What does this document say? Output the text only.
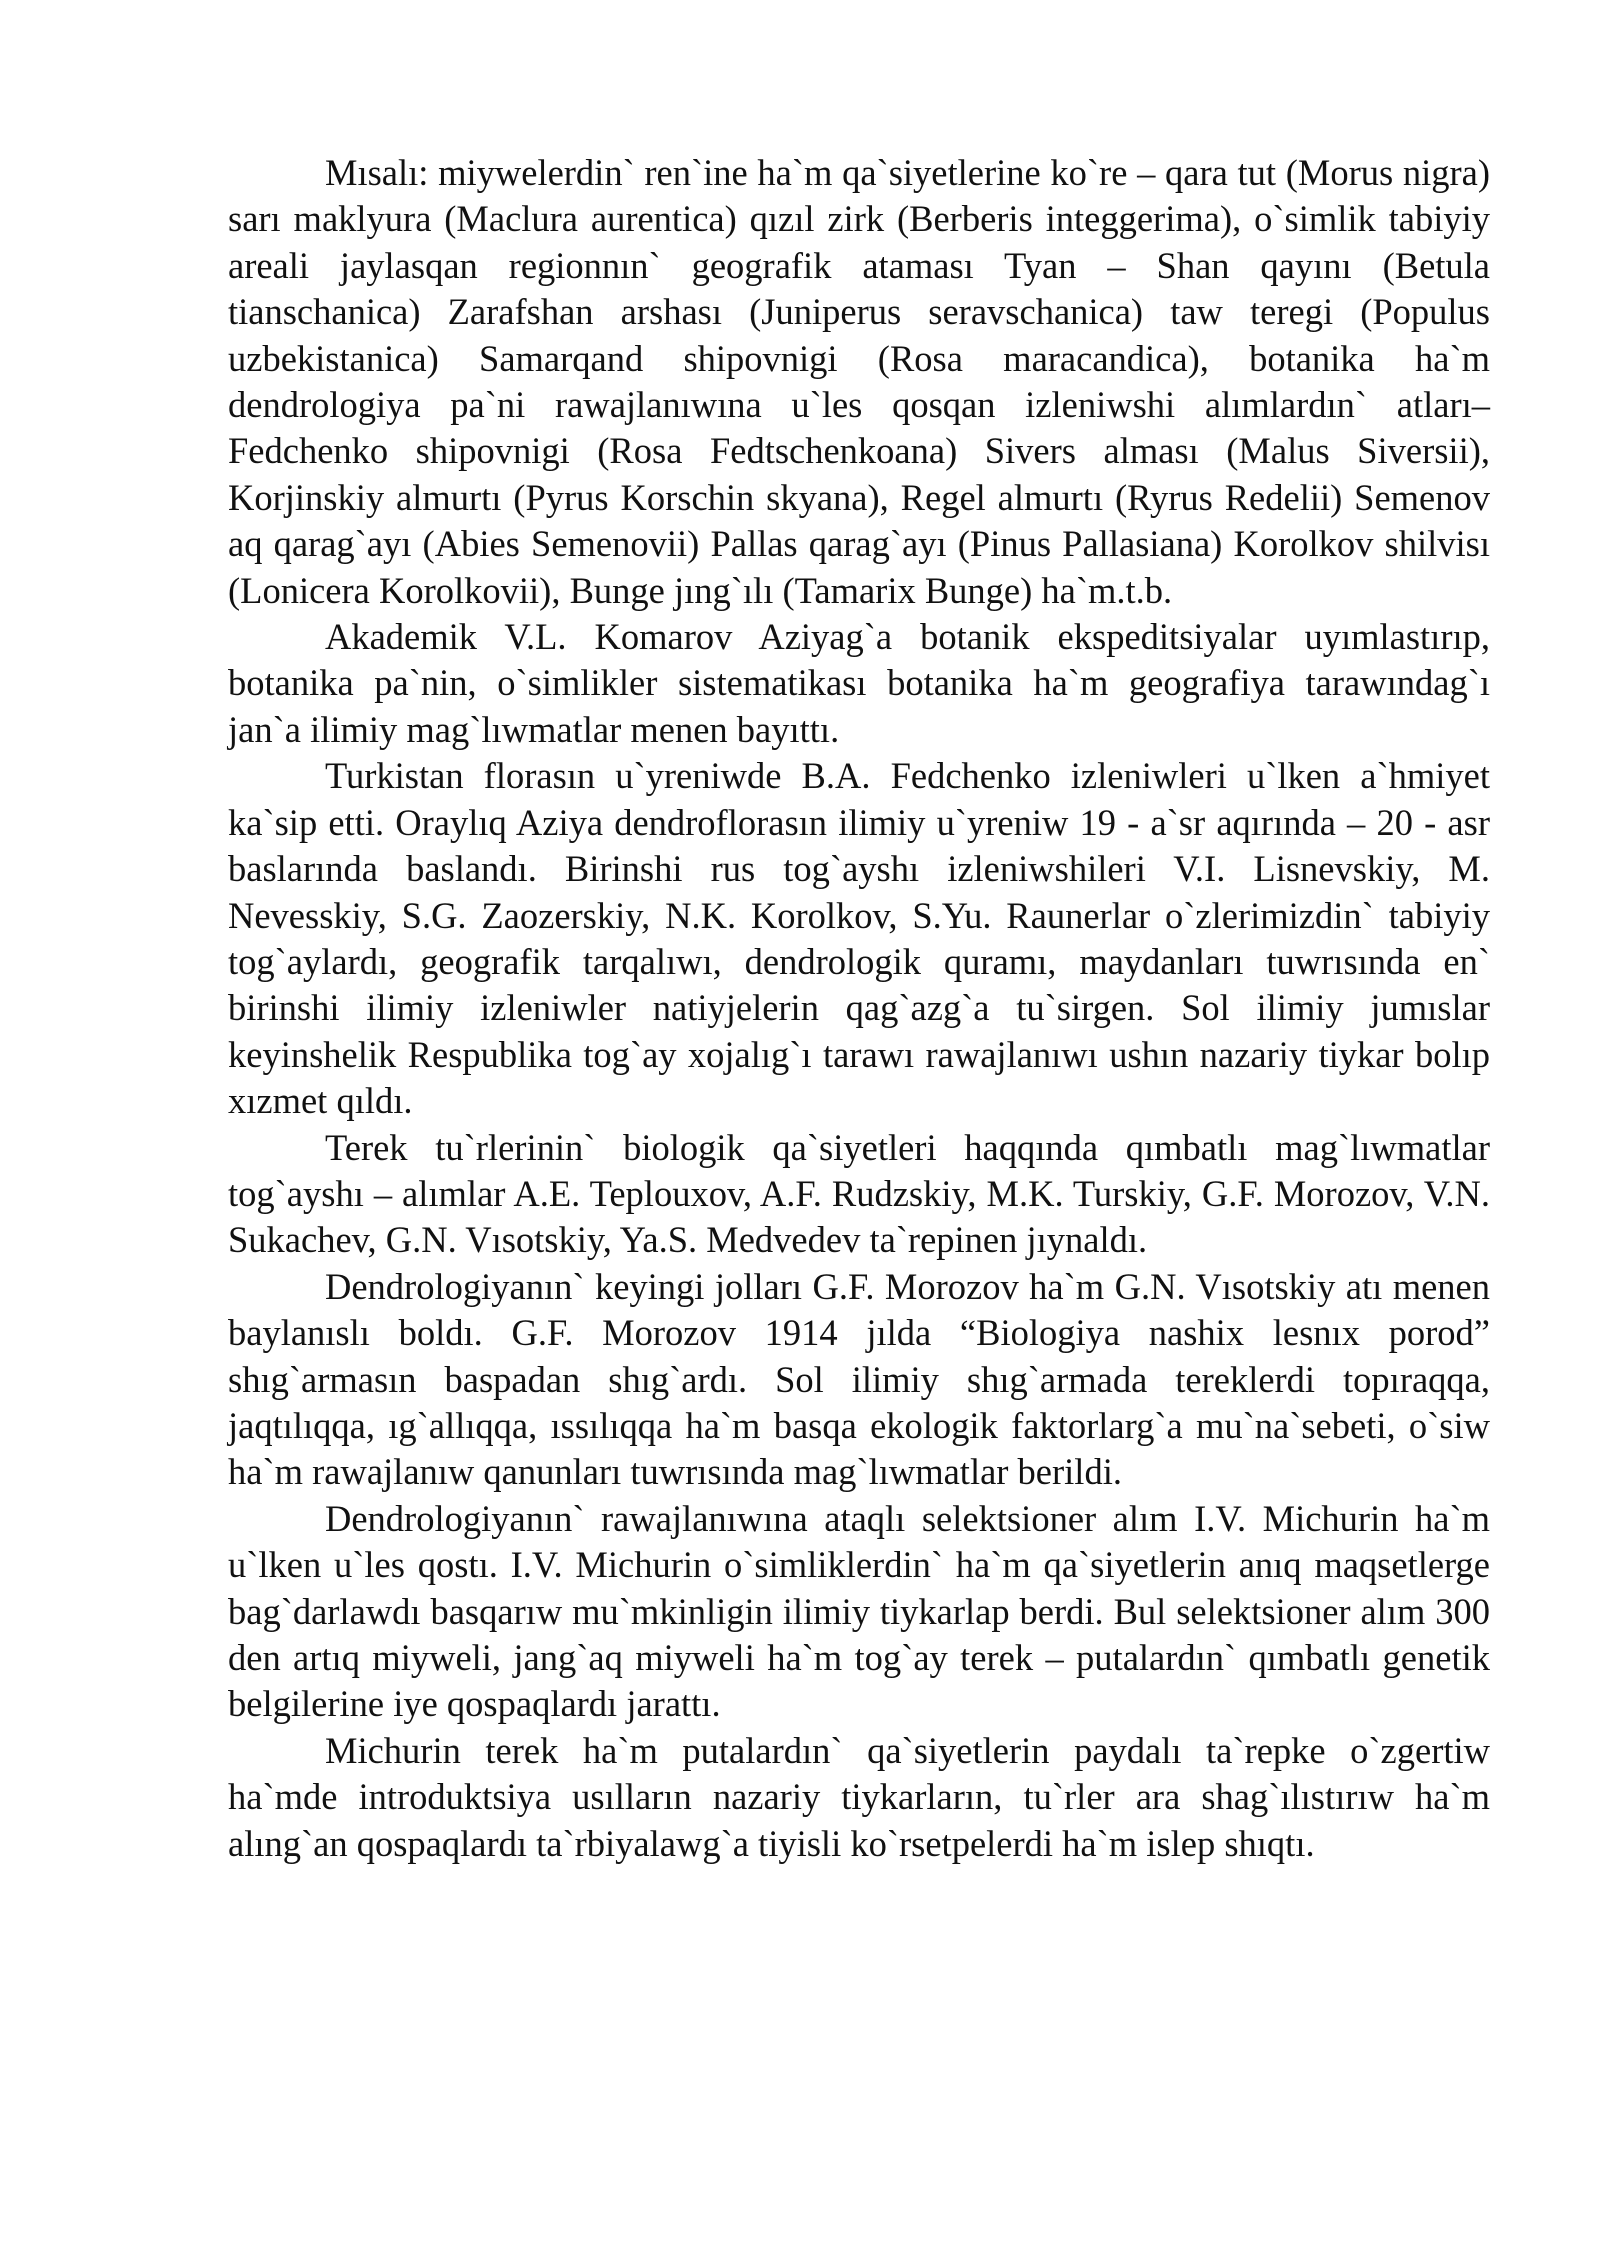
Mısalı: miywelerdin` ren`ine ha`m qa`siyetlerine ko`re – qara tut (Morus nigra) sarı maklyura (Maclura aurentica) qızıl zirk (Berberis integgerima), o`simlik tabiyiy areali jaylasqan regionnın` geografik ataması Tyan – Shan qayını (Betula tianschanica) Zarafshan arshası (Juniperus seravschanica) taw teregi (Populus uzbekistanica) Samarqand shipovnigi (Rosa maracandica), botanika ha`m dendrologiya pa`ni rawajlanıwına u`les qosqan izleniwshi alımlardın` atları–Fedchenko shipovnigi (Rosa Fedtschenkoana) Sivers alması (Malus Siversii), Korjinskiy almurtı (Pyrus Korschin skyana), Regel almurtı (Ryrus Redelii) Semenov aq qarag`ayı (Abies Semenovii) Pallas qarag`ayı (Pinus Pallasiana) Korolkov shilvisı (Lonicera Korolkovii), Bunge jıng`ılı (Tamarix Bunge) ha`m.t.b.

Akademik V.L. Komarov Aziyag`a botanik ekspeditsiyalar uyımlastırıp, botanika pa`nin, o`simlikler sistematikası botanika ha`m geografiya tarawındag`ı jan`a ilimiy mag`lıwmatlar menen bayıttı.

Turkistan florasın u`yreniwde B.A. Fedchenko izleniwleri u`lken a`hmiyet ka`sip etti. Oraylıq Aziya dendroflorasın ilimiy u`yreniw 19 - a`sr aqırında – 20 - asr baslarında baslandı. Birinshi rus tog`ayshı izleniwshileri V.I. Lisnevskiy, M. Nevesskiy, S.G. Zaozerskiy, N.K. Korolkov, S.Yu. Raunerlar o`zlerimizdin` tabiyiy tog`aylardı, geografik tarqalıwı, dendrologik quramı, maydanları tuwrısında en` birinshi ilimiy izleniwler natiyjelerin qag`azg`a tu`sirgen. Sol ilimiy jumıslar keyinshelik Respublika tog`ay xojalıg`ı tarawı rawajlanıwı ushın nazariy tiykar bolıp xızmet qıldı.

Terek tu`rlerinin` biologik qa`siyetleri haqqında qımbatlı mag`lıwmatlar tog`ayshı – alımlar A.E. Teplouxov, A.F. Rudzskiy, M.K. Turskiy, G.F. Morozov, V.N. Sukachev, G.N. Vısotskiy, Ya.S. Medvedev ta`repinen jıynaldı.

Dendrologiyanın` keyingi jolları G.F. Morozov ha`m G.N. Vısotskiy atı menen baylanıslı boldı. G.F. Morozov 1914 jılda “Biologiya nashix lesnıx porod” shıg`armasın baspadan shıg`ardı. Sol ilimiy shıg`armada tereklerdi topıraqqa, jaqtılıqqa, ıg`allıqqa, ıssılıqqa ha`m basqa ekologik faktorlarg`a mu`na`sebeti, o`siw ha`m rawajlanıw qanunları tuwrısında mag`lıwmatlar berildi.

Dendrologiyanın` rawajlanıwına ataqlı selektsioner alım I.V. Michurin ha`m u`lken u`les qostı. I.V. Michurin o`simliklerdin` ha`m qa`siyetlerin anıq maqsetlerge bag`darlawdı basqarıw mu`mkinligin ilimiy tiykarlap berdi. Bul selektsioner alım 300 den artıq miyweli, jang`aq miyweli ha`m tog`ay terek – putalardın` qımbatlı genetik belgilerine iye qospaqlardı jarattı.

Michurin terek ha`m putalardın` qa`siyetlerin paydalı ta`repke o`zgertiw ha`mde introduktsiya usılların nazariy tiykarların, tu`rler ara shag`ılıstırıw ha`m alıng`an qospaqlardı ta`rbiyalawg`a tiyisli ko`rsetpelerdi ha`m islep shıqtı.
